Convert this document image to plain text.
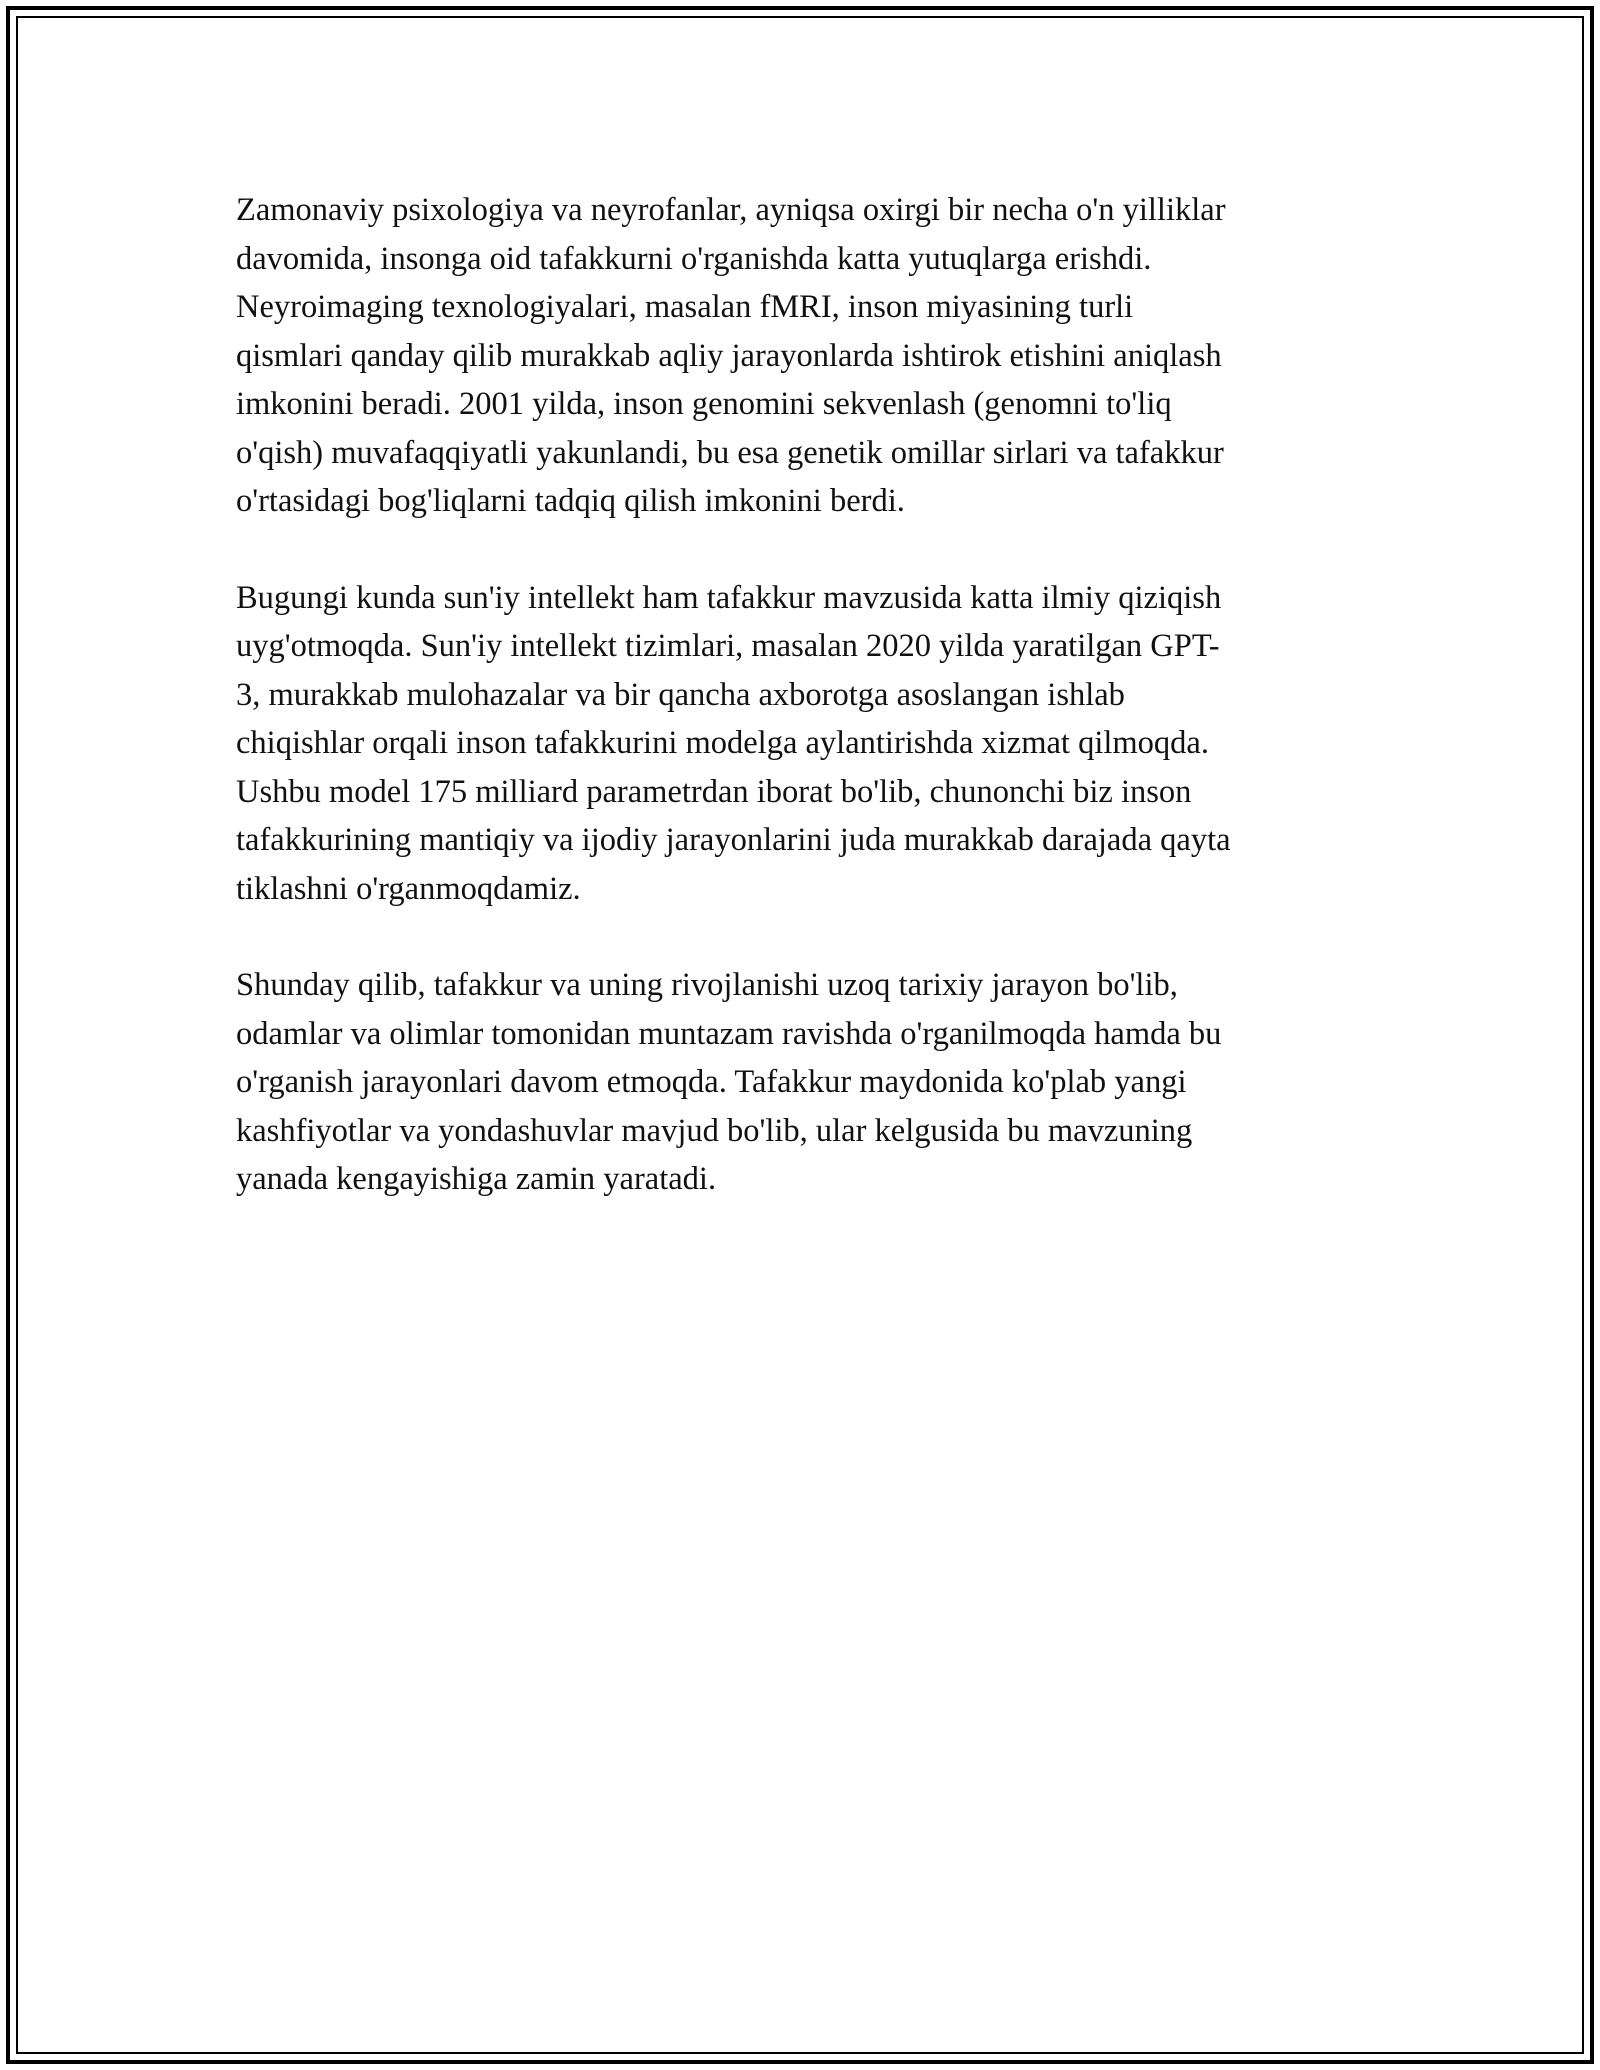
Zamonaviy psixologiya va neyrofanlar, ayniqsa oxirgi bir necha o'n yilliklar
davomida, insonga oid tafakkurni o'rganishda katta yutuqlarga erishdi.
Neyroimaging texnologiyalari, masalan fMRI, inson miyasining turli
qismlari qanday qilib murakkab aqliy jarayonlarda ishtirok etishini aniqlash
imkonini beradi. 2001 yilda, inson genomini sekvenlash (genomni to'liq
o'qish) muvafaqqiyatli yakunlandi, bu esa genetik omillar sirlari va tafakkur
o'rtasidagi bog'liqlarni tadqiq qilish imkonini berdi.

Bugungi kunda sun'iy intellekt ham tafakkur mavzusida katta ilmiy qiziqish
uyg'otmoqda. Sun'iy intellekt tizimlari, masalan 2020 yilda yaratilgan GPT-
3, murakkab mulohazalar va bir qancha axborotga asoslangan ishlab
chiqishlar orqali inson tafakkurini modelga aylantirishda xizmat qilmoqda.
Ushbu model 175 milliard parametrdan iborat bo'lib, chunonchi biz inson
tafakkurining mantiqiy va ijodiy jarayonlarini juda murakkab darajada qayta
tiklashni o'rganmoqdamiz.

Shunday qilib, tafakkur va uning rivojlanishi uzoq tarixiy jarayon bo'lib,
odamlar va olimlar tomonidan muntazam ravishda o'rganilmoqda hamda bu
o'rganish jarayonlari davom etmoqda. Tafakkur maydonida ko'plab yangi
kashfiyotlar va yondashuvlar mavjud bo'lib, ular kelgusida bu mavzuning
yanada kengayishiga zamin yaratadi.
